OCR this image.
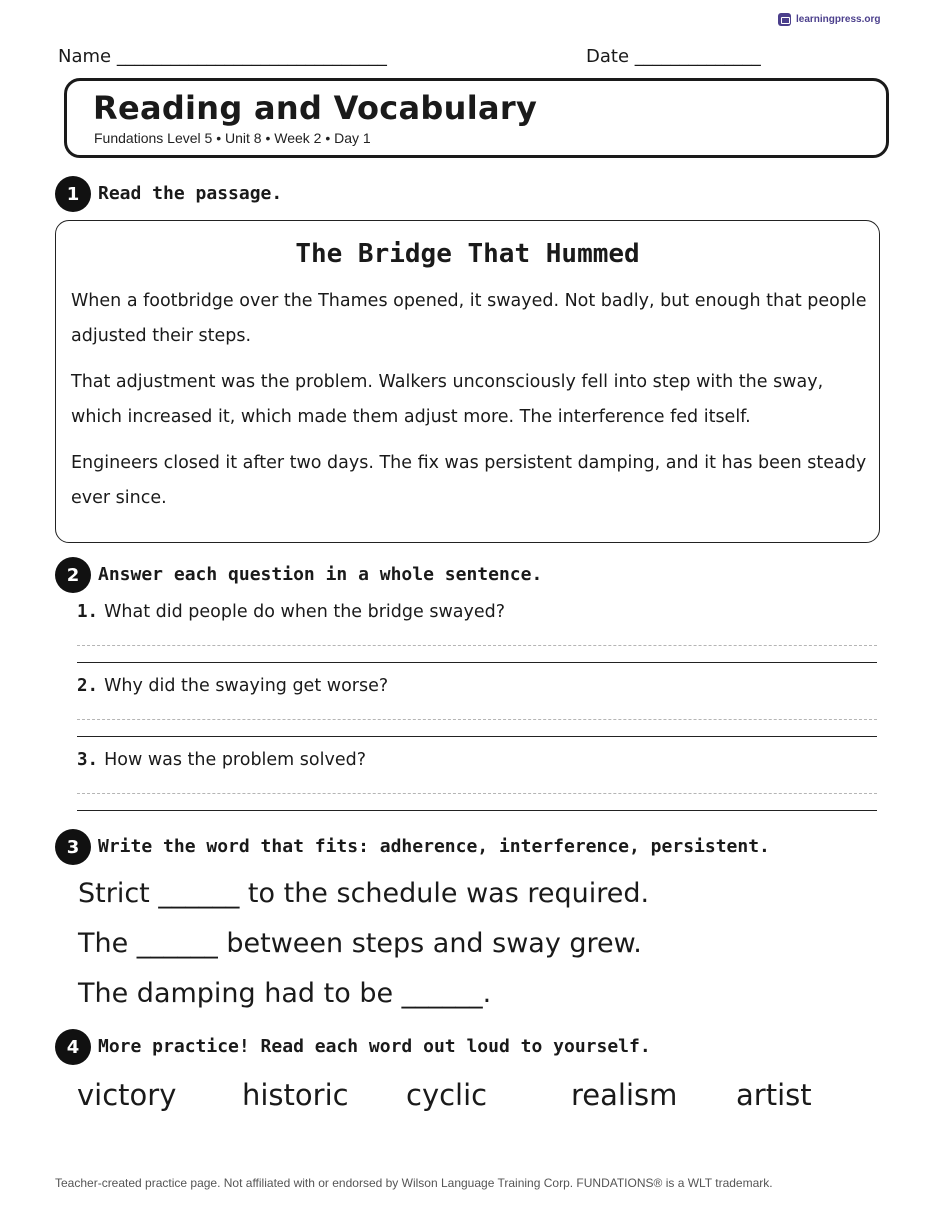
learningpress.org
Name ______________________________	Date ______________
Reading and Vocabulary
Fundations Level 5 • Unit 8 • Week 2 • Day 1
1	Read the passage.
The Bridge That Hummed

When a footbridge over the Thames opened, it swayed. Not badly, but enough that people adjusted their steps.

That adjustment was the problem. Walkers unconsciously fell into step with the sway, which increased it, which made them adjust more. The interference fed itself.

Engineers closed it after two days. The fix was persistent damping, and it has been steady ever since.

2	Answer each question in a whole sentence.
1. What did people do when the bridge swayed?
2. Why did the swaying get worse?
3. How was the problem solved?
3	Write the word that fits: adherence, interference, persistent.
Strict ______ to the schedule was required.
The ______ between steps and sway grew.
The damping had to be ______.
4	More practice! Read each word out loud to yourself.
victory historic cyclic	realism artist
Teacher-created practice page. Not affiliated with or endorsed by Wilson Language Training Corp. FUNDATIONS® is a WLT trademark.
